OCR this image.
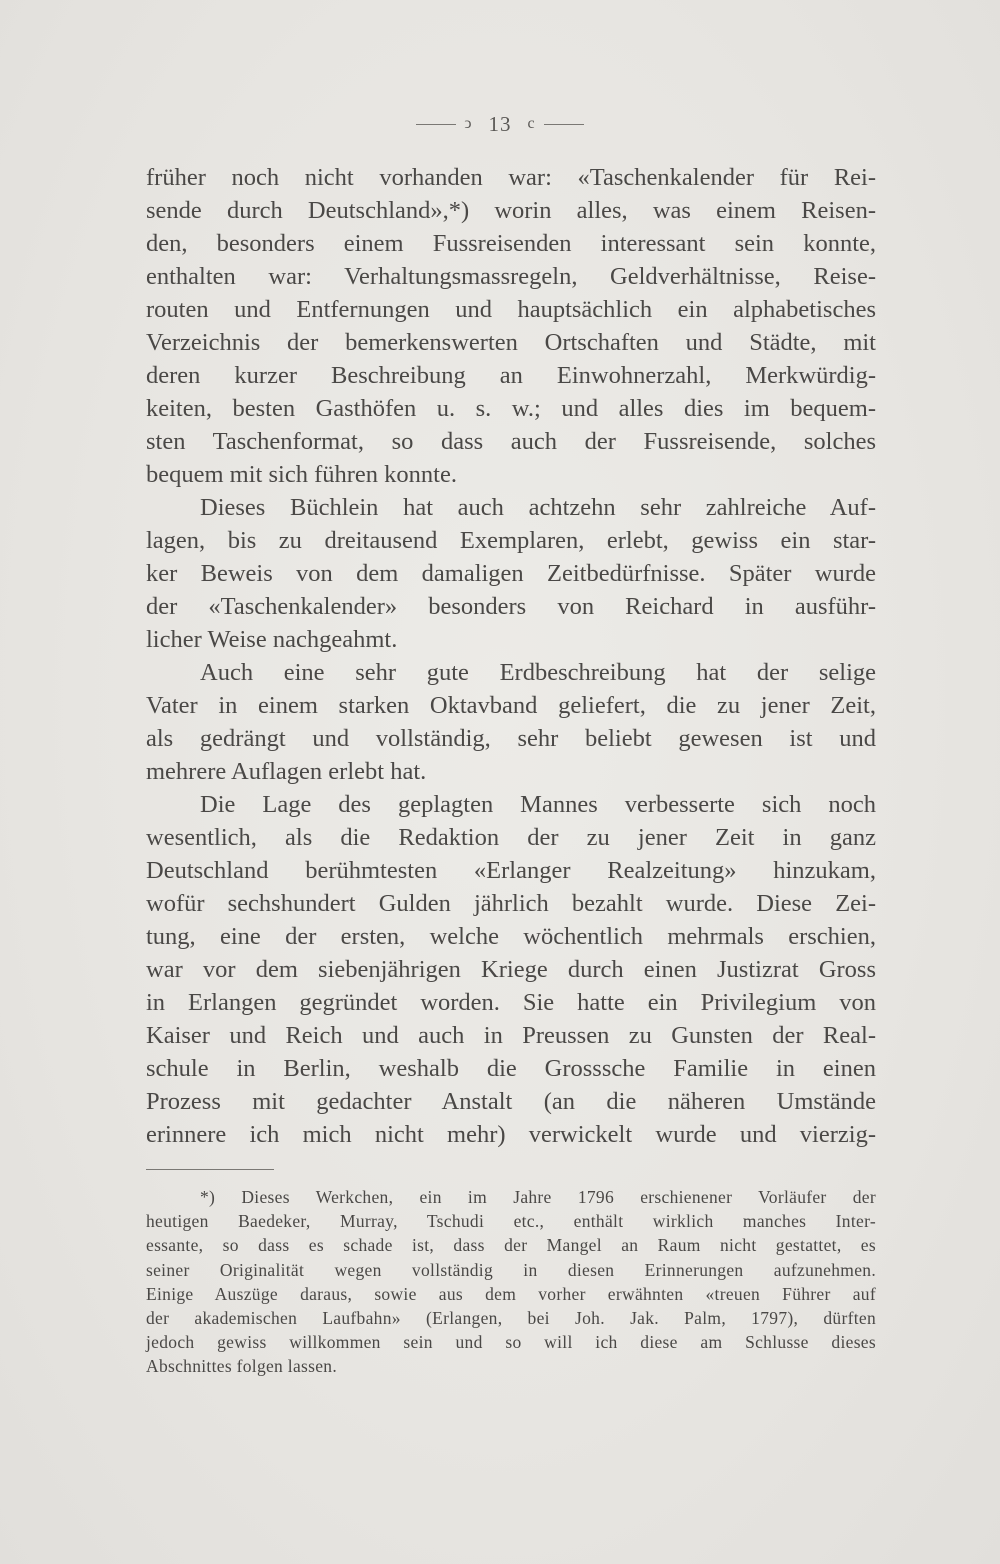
ↄ 13 c
früher noch nicht vorhanden war: «Taschenkalender für Rei-
sende durch Deutschland»,*) worin alles, was einem Reisen-
den, besonders einem Fussreisenden interessant sein konnte,
enthalten war: Verhaltungsmassregeln, Geldverhältnisse, Reise-
routen und Entfernungen und hauptsächlich ein alphabetisches
Verzeichnis der bemerkenswerten Ortschaften und Städte, mit
deren kurzer Beschreibung an Einwohnerzahl, Merkwürdig-
keiten, besten Gasthöfen u. s. w.; und alles dies im bequem-
sten Taschenformat, so dass auch der Fussreisende, solches
bequem mit sich führen konnte.
Dieses Büchlein hat auch achtzehn sehr zahlreiche Auf-
lagen, bis zu dreitausend Exemplaren, erlebt, gewiss ein star-
ker Beweis von dem damaligen Zeitbedürfnisse. Später wurde
der «Taschenkalender» besonders von Reichard in ausführ-
licher Weise nachgeahmt.
Auch eine sehr gute Erdbeschreibung hat der selige
Vater in einem starken Oktavband geliefert, die zu jener Zeit,
als gedrängt und vollständig, sehr beliebt gewesen ist und
mehrere Auflagen erlebt hat.
Die Lage des geplagten Mannes verbesserte sich noch
wesentlich, als die Redaktion der zu jener Zeit in ganz
Deutschland berühmtesten «Erlanger Realzeitung» hinzukam,
wofür sechshundert Gulden jährlich bezahlt wurde. Diese Zei-
tung, eine der ersten, welche wöchentlich mehrmals erschien,
war vor dem siebenjährigen Kriege durch einen Justizrat Gross
in Erlangen gegründet worden. Sie hatte ein Privilegium von
Kaiser und Reich und auch in Preussen zu Gunsten der Real-
schule in Berlin, weshalb die Grosssche Familie in einen
Prozess mit gedachter Anstalt (an die näheren Umstände
erinnere ich mich nicht mehr) verwickelt wurde und vierzig-
*) Dieses Werkchen, ein im Jahre 1796 erschienener Vorläufer der
heutigen Baedeker, Murray, Tschudi etc., enthält wirklich manches Inter-
essante, so dass es schade ist, dass der Mangel an Raum nicht gestattet, es
seiner Originalität wegen vollständig in diesen Erinnerungen aufzunehmen.
Einige Auszüge daraus, sowie aus dem vorher erwähnten «treuen Führer auf
der akademischen Laufbahn» (Erlangen, bei Joh. Jak. Palm, 1797), dürften
jedoch gewiss willkommen sein und so will ich diese am Schlusse dieses
Abschnittes folgen lassen.
